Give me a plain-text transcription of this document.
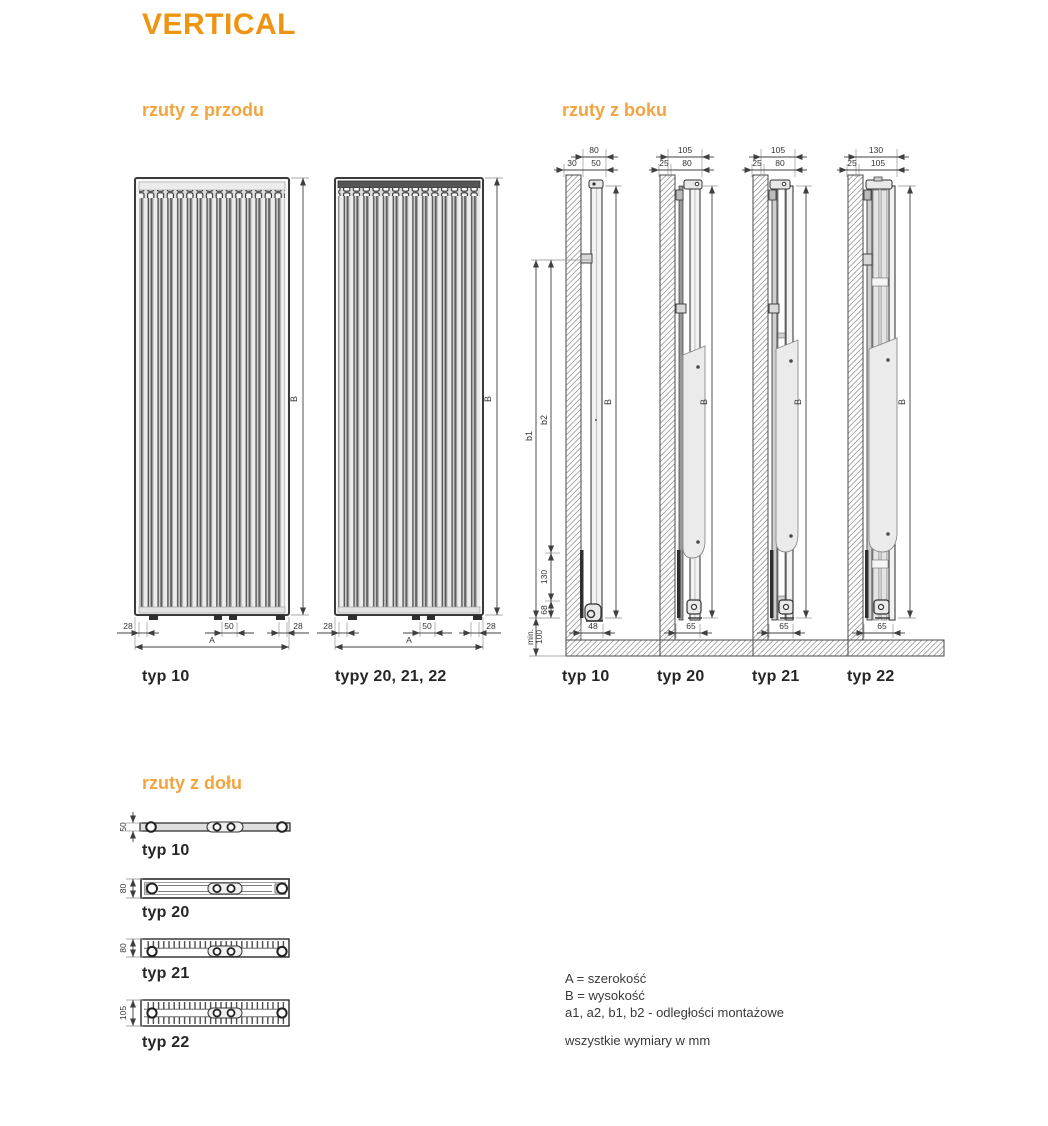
VERTICAL
rzuty z przodu	rzuty z boku
rzuty z dołu
B
28	50	28
A
B
28	50	28
A
80
30 50
B
b1
min. 100
b2
130
68
48
105
25 80
B
65
105
25 80
B
65
130
25 105
B
65
50
80
80
105
typ 10	typy 20, 21, 22	typ 10	typ 20	typ 21	typ 22
typ 10
typ 20
typ 21
typ 22
A = szerokość
B = wysokość
a1, a2, b1, b2 - odległości montażowe
wszystkie wymiary w mm
